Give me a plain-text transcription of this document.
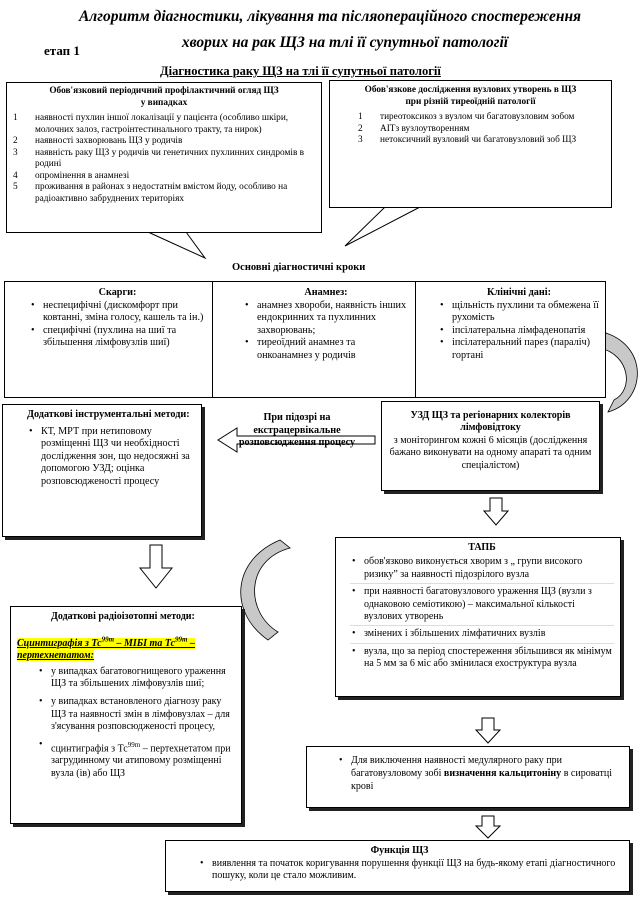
Алгоритм діагностики, лікування та післяопераційного спостереження
хворих на рак ЩЗ на тлі її супутньої патології
етап 1
Діагностика раку ЩЗ на тлі її супутньої патології
Обов'язковий періодичний профілактичний огляд ЩЗ
у випадках
1	наявності пухлин іншої локалізації у пацієнта (особливо шкіри, молочних залоз, гастроінтестинального тракту, та нирок)
2	наявності захворювань ЩЗ у родичів
3	наявність раку ЩЗ у родичів чи генетичних пухлинних синдромів в родині
4	опромінення в анамнезі
5	проживання в районах з недостатнім вмістом йоду, особливо на радіоактивно забруднених територіях
Обов'язкове дослідження вузлових утворень в ЩЗ
при різній тиреоїдній патології
1	тиреотоксикоз з вузлом чи багатовузловим зобом
2	АІТз вузлоутворенням
3	нетоксичний вузловий чи багатовузловий зоб ЩЗ
Основні діагностичні кроки
Скарги:
• неспецифічні (дискомфорт при ковтанні, зміна голосу, кашель та ін.)
• специфічні (пухлина на шиї та збільшення лімфовузлів шиї)
Анамнез:
• анамнез хвороби, наявність інших ендокринних та пухлинних захворювань;
• тиреоїдний анамнез та онкоанамнез у родичів
Клінічні дані:
• щільність пухлини та обмежена її рухомість
• іпсілатеральна лімфаденопатія
• іпсілатеральний парез (параліч) гортані
Додаткові інструментальні методи:
• КТ, МРТ при нетиповому розміщенні ЩЗ чи необхідності дослідження зон, що недосяжні за допомогою УЗД; оцінка розповсюдженості процесу
При підозрі на екстрацервікальне розповсюдження процесу
УЗД ЩЗ та регіонарних колекторів лімфовідтоку
з моніторингом кожні 6 місяців (дослідження бажано виконувати на одному апараті та одним спеціалістом)
ТАПБ
• обов'язково виконується хворим з „ групи високого ризику” за наявності підозрілого вузла
• при наявності багатовузлового ураження ЩЗ (вузли з однаковою семіотикою) – максимальної кількості вузлових утворень
• змінених і збільшених лімфатичних вузлів
• вузла, що за період спостереження збільшився як мінімум на 5 мм за 6 міс або змінилася ехоструктура вузла
Додаткові радіоізотопні методи:
Сцинтиграфія з $Тс^{99m}$ – МІБІ та $Тс^{99m}$ –
пертехнетатом:
• у випадках багатовогнищевого ураження ЩЗ та збільшених лімфовузлів шиї;
• у випадках встановленого діагнозу раку ЩЗ та наявності змін в лімфовузлах – для з'ясування розповсюдженості процесу,
• сцинтиграфія з $Тс^{99m}$ – пертехнетатом при загрудинному чи атиповому розміщенні вузла (ів) або ЩЗ
• Для виключення наявності медулярного раку при багатовузловому зобі визначення кальцитоніну в сироватці крові
Функція ЩЗ
• виявлення та початок коригування порушення функції ЩЗ на будь-якому етапі діагностичного пошуку, коли це стало можливим.
